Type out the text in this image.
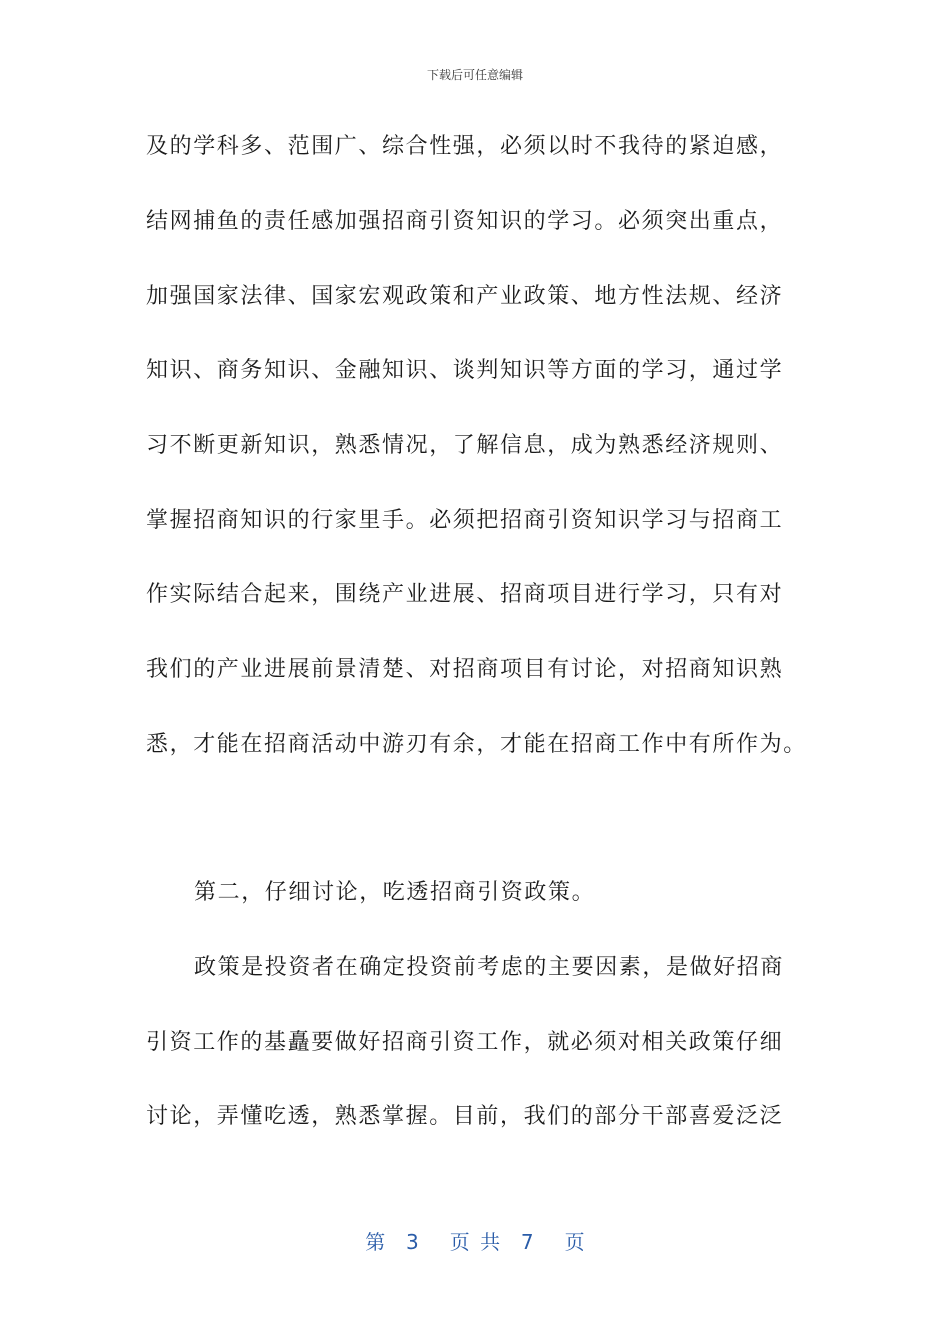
下载后可任意编辑
及的学科多、范围广、综合性强，必须以时不我待的紧迫感，
结网捕鱼的责任感加强招商引资知识的学习。必须突出重点，
加强国家法律、国家宏观政策和产业政策、地方性法规、经济
知识、商务知识、金融知识、谈判知识等方面的学习，通过学
习不断更新知识，熟悉情况，了解信息，成为熟悉经济规则、
掌握招商知识的行家里手。必须把招商引资知识学习与招商工
作实际结合起来，围绕产业进展、招商项目进行学习，只有对
我们的产业进展前景清楚、对招商项目有讨论，对招商知识熟
悉，才能在招商活动中游刃有余，才能在招商工作中有所作为。
第二，仔细讨论，吃透招商引资政策。
政策是投资者在确定投资前考虑的主要因素，是做好招商
引资工作的基矗要做好招商引资工作，就必须对相关政策仔细
讨论，弄懂吃透，熟悉掌握。目前，我们的部分干部喜爱泛泛
第  3   页 共  7   页
